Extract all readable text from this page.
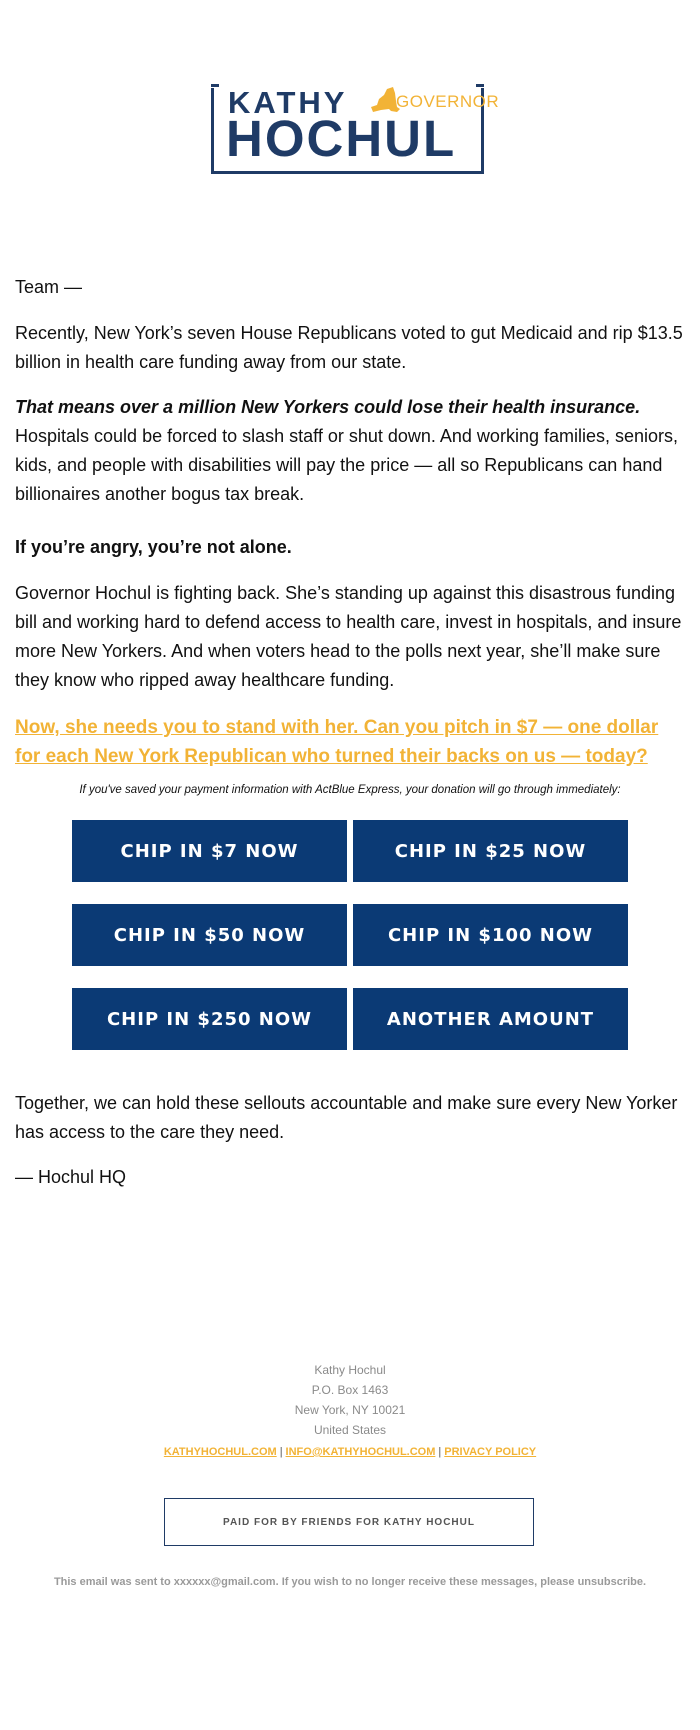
KATHY	GOVERNOR
HOCHUL

Team —

Recently, New York’s seven House Republicans voted to gut Medicaid and rip $13.5 billion in health care funding away from our state.

That means over a million New Yorkers could lose their health insurance. Hospitals could be forced to slash staff or shut down. And working families, seniors, kids, and people with disabilities will pay the price — all so Republicans can hand billionaires another bogus tax break.

If you’re angry, you’re not alone.

Governor Hochul is fighting back. She’s standing up against this disastrous funding bill and working hard to defend access to health care, invest in hospitals, and insure more New Yorkers. And when voters head to the polls next year, she’ll make sure they know who ripped away healthcare funding.

Now, she needs you to stand with her. Can you pitch in $7 — one dollar for each New York Republican who turned their backs on us — today?
If you've saved your payment information with ActBlue Express, your donation will go through immediately:
CHIP IN $7 NOW	CHIP IN $25 NOW
CHIP IN $50 NOW	CHIP IN $100 NOW
CHIP IN $250 NOW	ANOTHER AMOUNT

Together, we can hold these sellouts accountable and make sure every New Yorker has access to the care they need.

— Hochul HQ

Kathy Hochul
P.O. Box 1463
New York, NY 10021
United States
KATHYHOCHUL.COM | INFO@KATHYHOCHUL.COM | PRIVACY POLICY
PAID FOR BY FRIENDS FOR KATHY HOCHUL
This email was sent to xxxxxx@gmail.com. If you wish to no longer receive these messages, please unsubscribe.
